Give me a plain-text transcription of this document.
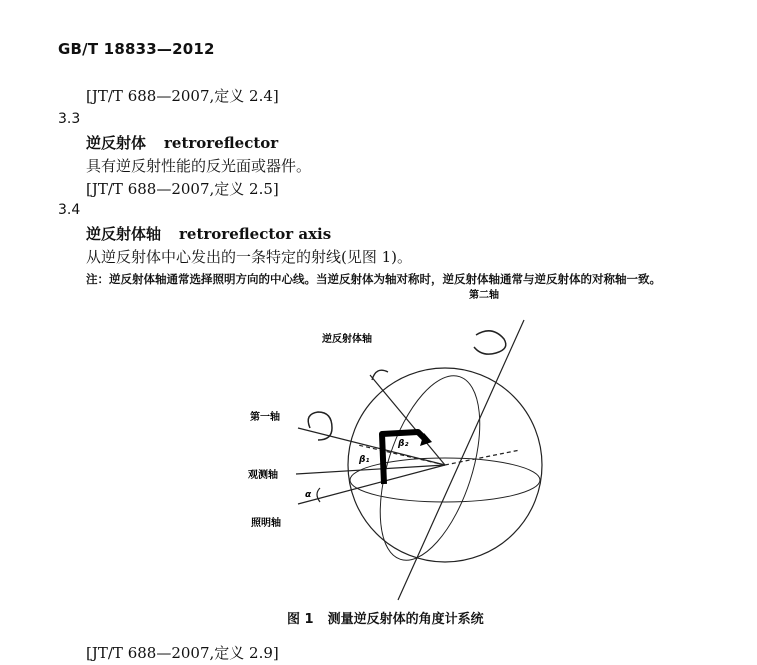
GB/T 18833—2012
[JT/T 688—2007,定义 2.4]
3.3
逆反射体 retroreflector
具有逆反射性能的反光面或器件。
[JT/T 688—2007,定义 2.5]
3.4
逆反射体轴 retroreflector axis
从逆反射体中心发出的一条特定的射线(见图 1)。
注：逆反射体轴通常选择照明方向的中心线。当逆反射体为轴对称时，逆反射体轴通常与逆反射体的对称轴一致。
第二轴
逆反射体轴
第一轴
观测轴
照明轴
β₂
β₁
α
图 1 测量逆反射体的角度计系统
[JT/T 688—2007,定义 2.9]
